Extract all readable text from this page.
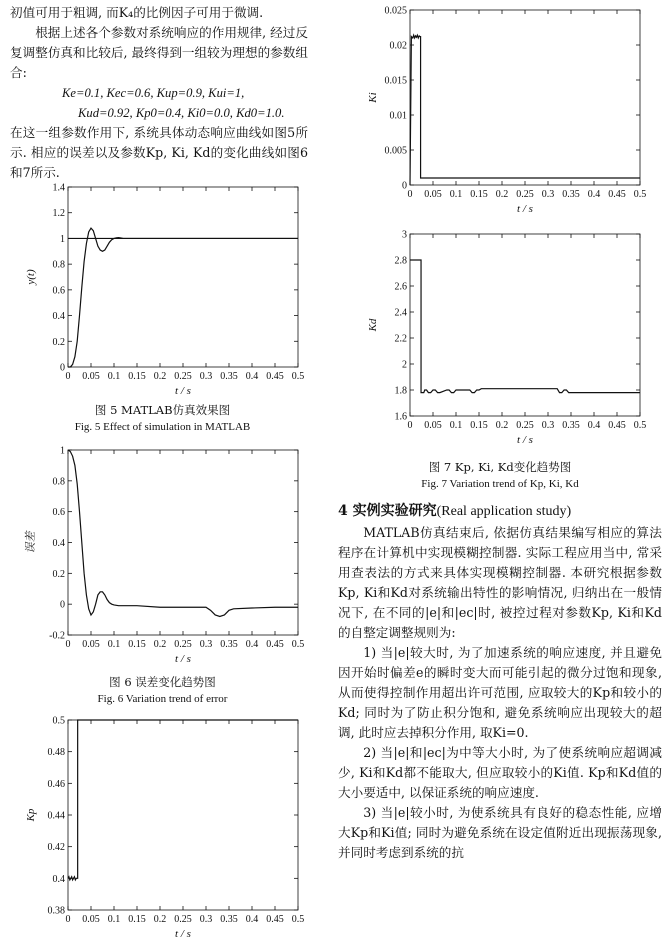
初值可用于粗调, 而K₄的比例因子可用于微调.

根据上述各个参数对系统响应的作用规律, 经过反复调整仿真和比较后, 最终得到一组较为理想的参数组合:

Ke=0.1, Kec=0.6, Kup=0.9, Kui=1,

Kud=0.92, Kp0=0.4, Ki0=0.0, Kd0=1.0.

在这一组参数作用下, 系统具体动态响应曲线如图5所示. 相应的误差以及参数Kp, Ki, Kd的变化曲线如图6和7所示.

0 0.05 0.1 0.15 0.2 0.25 0.3 0.35 0.4 0.45 0.5
0
0.2
0.4
0.6
0.8
1
1.2
1.4
t / s
y(t)

图 5 MATLAB仿真效果图

Fig. 5 Effect of simulation in MATLAB

0 0.05 0.1 0.15 0.2 0.25 0.3 0.35 0.4 0.45 0.5
-0.2
0
0.2
0.4
0.6
0.8
1
t / s
误差

图 6 误差变化趋势图

Fig. 6 Variation trend of error

0 0.05 0.1 0.15 0.2 0.25 0.3 0.35 0.4 0.45 0.5
0.38
0.4
0.42
0.44
0.46
0.48
0.5
t / s
Kp
0 0.05 0.1 0.15 0.2 0.25 0.3 0.35 0.4 0.45 0.5
0
0.005
0.01
0.015
0.02
0.025
t / s
Ki
0 0.05 0.1 0.15 0.2 0.25 0.3 0.35 0.4 0.45 0.5
1.6
1.8
2
2.2
2.4
2.6
2.8
3
t / s
Kd

图 7 Kp, Ki, Kd变化趋势图

Fig. 7 Variation trend of Kp, Ki, Kd

4 实例实验研究(Real application study)

MATLAB仿真结束后, 依据仿真结果编写相应的算法程序在计算机中实现模糊控制器. 实际工程应用当中, 常采用查表法的方式来具体实现模糊控制器. 本研究根据参数Kp, Ki和Kd对系统输出特性的影响情况, 归纳出在一般情况下, 在不同的|e|和|ec|时, 被控过程对参数Kp, Ki和Kd的自整定调整规则为:

1) 当|e|较大时, 为了加速系统的响应速度, 并且避免因开始时偏差e的瞬时变大而可能引起的微分过饱和现象, 从而使得控制作用超出许可范围, 应取较大的Kp和较小的Kd; 同时为了防止积分饱和, 避免系统响应出现较大的超调, 此时应去掉积分作用, 取Ki=0.

2) 当|e|和|ec|为中等大小时, 为了使系统响应超调减少, Ki和Kd都不能取大, 但应取较小的Ki值. Kp和Kd值的大小要适中, 以保证系统的响应速度.

3) 当|e|较小时, 为使系统具有良好的稳态性能, 应增大Kp和Ki值; 同时为避免系统在设定值附近出现振荡现象, 并同时考虑到系统的抗
